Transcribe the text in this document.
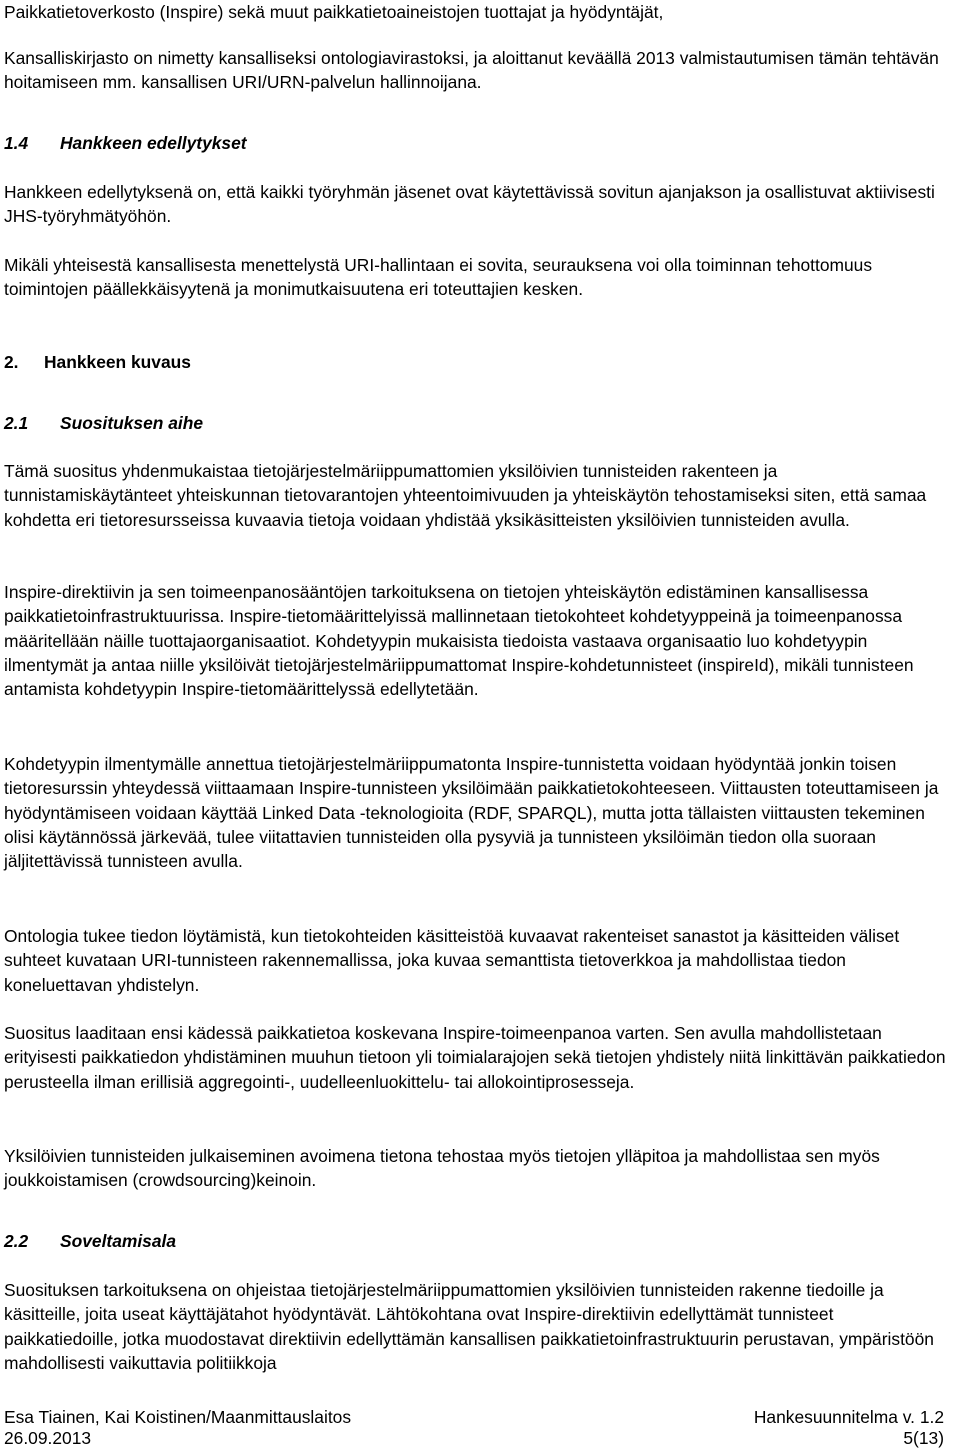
Paikkatietoverkosto (Inspire) sekä muut paikkatietoaineistojen tuottajat ja hyödyntäjät,

Kansalliskirjasto on nimetty kansalliseksi ontologiavirastoksi, ja aloittanut keväällä 2013 valmistautumisen tämän tehtävän hoitamiseen mm. kansallisen URI/URN-palvelun hallinnoijana.

1.4 Hankkeen edellytykset

Hankkeen edellytyksenä on, että kaikki työryhmän jäsenet ovat käytettävissä sovitun ajanjakson ja osallistuvat aktiivisesti JHS-työryhmätyöhön.

Mikäli yhteisestä kansallisesta menettelystä URI-hallintaan ei sovita, seurauksena voi olla toiminnan tehottomuus toimintojen päällekkäisyytenä ja monimutkaisuutena eri toteuttajien kesken.

2. Hankkeen kuvaus
2.1 Suosituksen aihe

Tämä suositus yhdenmukaistaa tietojärjestelmäriippumattomien yksilöivien tunnisteiden rakenteen ja tunnistamiskäytänteet yhteiskunnan tietovarantojen yhteentoimivuuden ja yhteiskäytön tehostamiseksi siten, että samaa kohdetta eri tietoresursseissa kuvaavia tietoja voidaan yhdistää yksikäsitteisten yksilöivien tunnisteiden avulla.

Inspire-direktiivin ja sen toimeenpanosääntöjen tarkoituksena on tietojen yhteiskäytön edistäminen kansallisessa paikkatietoinfrastruktuurissa. Inspire-tietomäärittelyissä mallinnetaan tietokohteet kohdetyyppeinä ja toimeenpanossa määritellään näille tuottajaorganisaatiot. Kohdetyypin mukaisista tiedoista vastaava organisaatio luo kohdetyypin ilmentymät ja antaa niille yksilöivät tietojärjestelmäriippumattomat Inspire-kohdetunnisteet (inspireId), mikäli tunnisteen antamista kohdetyypin Inspire-tietomäärittelyssä edellytetään.

Kohdetyypin ilmentymälle annettua tietojärjestelmäriippumatonta Inspire-tunnistetta voidaan hyödyntää jonkin toisen tietoresurssin yhteydessä viittaamaan Inspire-tunnisteen yksilöimään paikkatietokohteeseen. Viittausten toteuttamiseen ja hyödyntämiseen voidaan käyttää Linked Data -teknologioita (RDF, SPARQL), mutta jotta tällaisten viittausten tekeminen olisi käytännössä järkevää, tulee viitattavien tunnisteiden olla pysyviä ja tunnisteen yksilöimän tiedon olla suoraan jäljitettävissä tunnisteen avulla.

Ontologia tukee tiedon löytämistä, kun tietokohteiden käsitteistöä kuvaavat rakenteiset sanastot ja käsitteiden väliset suhteet kuvataan URI-tunnisteen rakennemallissa, joka kuvaa semanttista tietoverkkoa ja mahdollistaa tiedon koneluettavan yhdistelyn.

Suositus laaditaan ensi kädessä paikkatietoa koskevana Inspire-toimeenpanoa varten. Sen avulla mahdollistetaan erityisesti paikkatiedon yhdistäminen muuhun tietoon yli toimialarajojen sekä tietojen yhdistely niitä linkittävän paikkatiedon perusteella ilman erillisiä aggregointi-, uudelleenluokittelu- tai allokointiprosesseja.

Yksilöivien tunnisteiden julkaiseminen avoimena tietona tehostaa myös tietojen ylläpitoa ja mahdollistaa sen myös joukkoistamisen (crowdsourcing)keinoin.

2.2 Soveltamisala

Suosituksen tarkoituksena on ohjeistaa tietojärjestelmäriippumattomien yksilöivien tunnisteiden rakenne tiedoille ja käsitteille, joita useat käyttäjätahot hyödyntävät. Lähtökohtana ovat Inspire-direktiivin edellyttämät tunnisteet paikkatiedoille, jotka muodostavat direktiivin edellyttämän kansallisen paikkatietoinfrastruktuurin perustavan, ympäristöön mahdollisesti vaikuttavia politiikkoja

Esa Tiainen, Kai Koistinen/Maanmittauslaitos	Hankesuunnitelma v. 1.2
26.09.2013	5(13)
